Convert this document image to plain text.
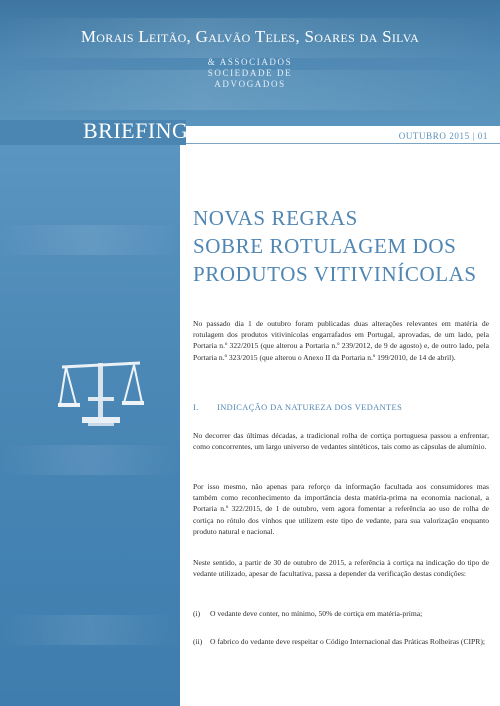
Morais Leitão, Galvão Teles, Soares da Silva
& ASSOCIADOS
SOCIEDADE DE
ADVOGADOS
BRIEFING	OUTUBRO 2015 | 01
NOVAS REGRAS
SOBRE ROTULAGEM DOS
PRODUTOS VITIVINÍCOLAS

No passado dia 1 de outubro foram publicadas duas alterações relevantes em matéria de rotulagem dos produtos vitivinícolas engarrafados em Portugal, aprovadas, de um lado, pela Portaria n.º 322/2015 (que alterou a Portaria n.º 239/2012, de 9 de agosto) e, de outro lado, pela Portaria n.º 323/2015 (que alterou o Anexo II da Portaria n.º 199/2010, de 14 de abril).

I. INDICAÇÃO DA NATUREZA DOS VEDANTES

No decorrer das últimas décadas, a tradicional rolha de cortiça portuguesa passou a enfrentar, como concorrentes, um largo universo de vedantes sintéticos, tais como as cápsulas de alumínio.

Por isso mesmo, não apenas para reforço da informação facultada aos consumidores mas também como reconhecimento da importância desta matéria-prima na economia nacional, a Portaria n.º 322/2015, de 1 de outubro, vem agora fomentar a referência ao uso de rolha de cortiça no rótulo dos vinhos que utilizem este tipo de vedante, para sua valorização enquanto produto natural e nacional.

Neste sentido, a partir de 30 de outubro de 2015, a referência à cortiça na indicação do tipo de vedante utilizado, apesar de facultativa, passa a depender da verificação destas condições:

(i) O vedante deve conter, no mínimo, 50% de cortiça em matéria-prima;
(ii) O fabrico do vedante deve respeitar o Código Internacional das Práticas Rolheiras (CIPR);
